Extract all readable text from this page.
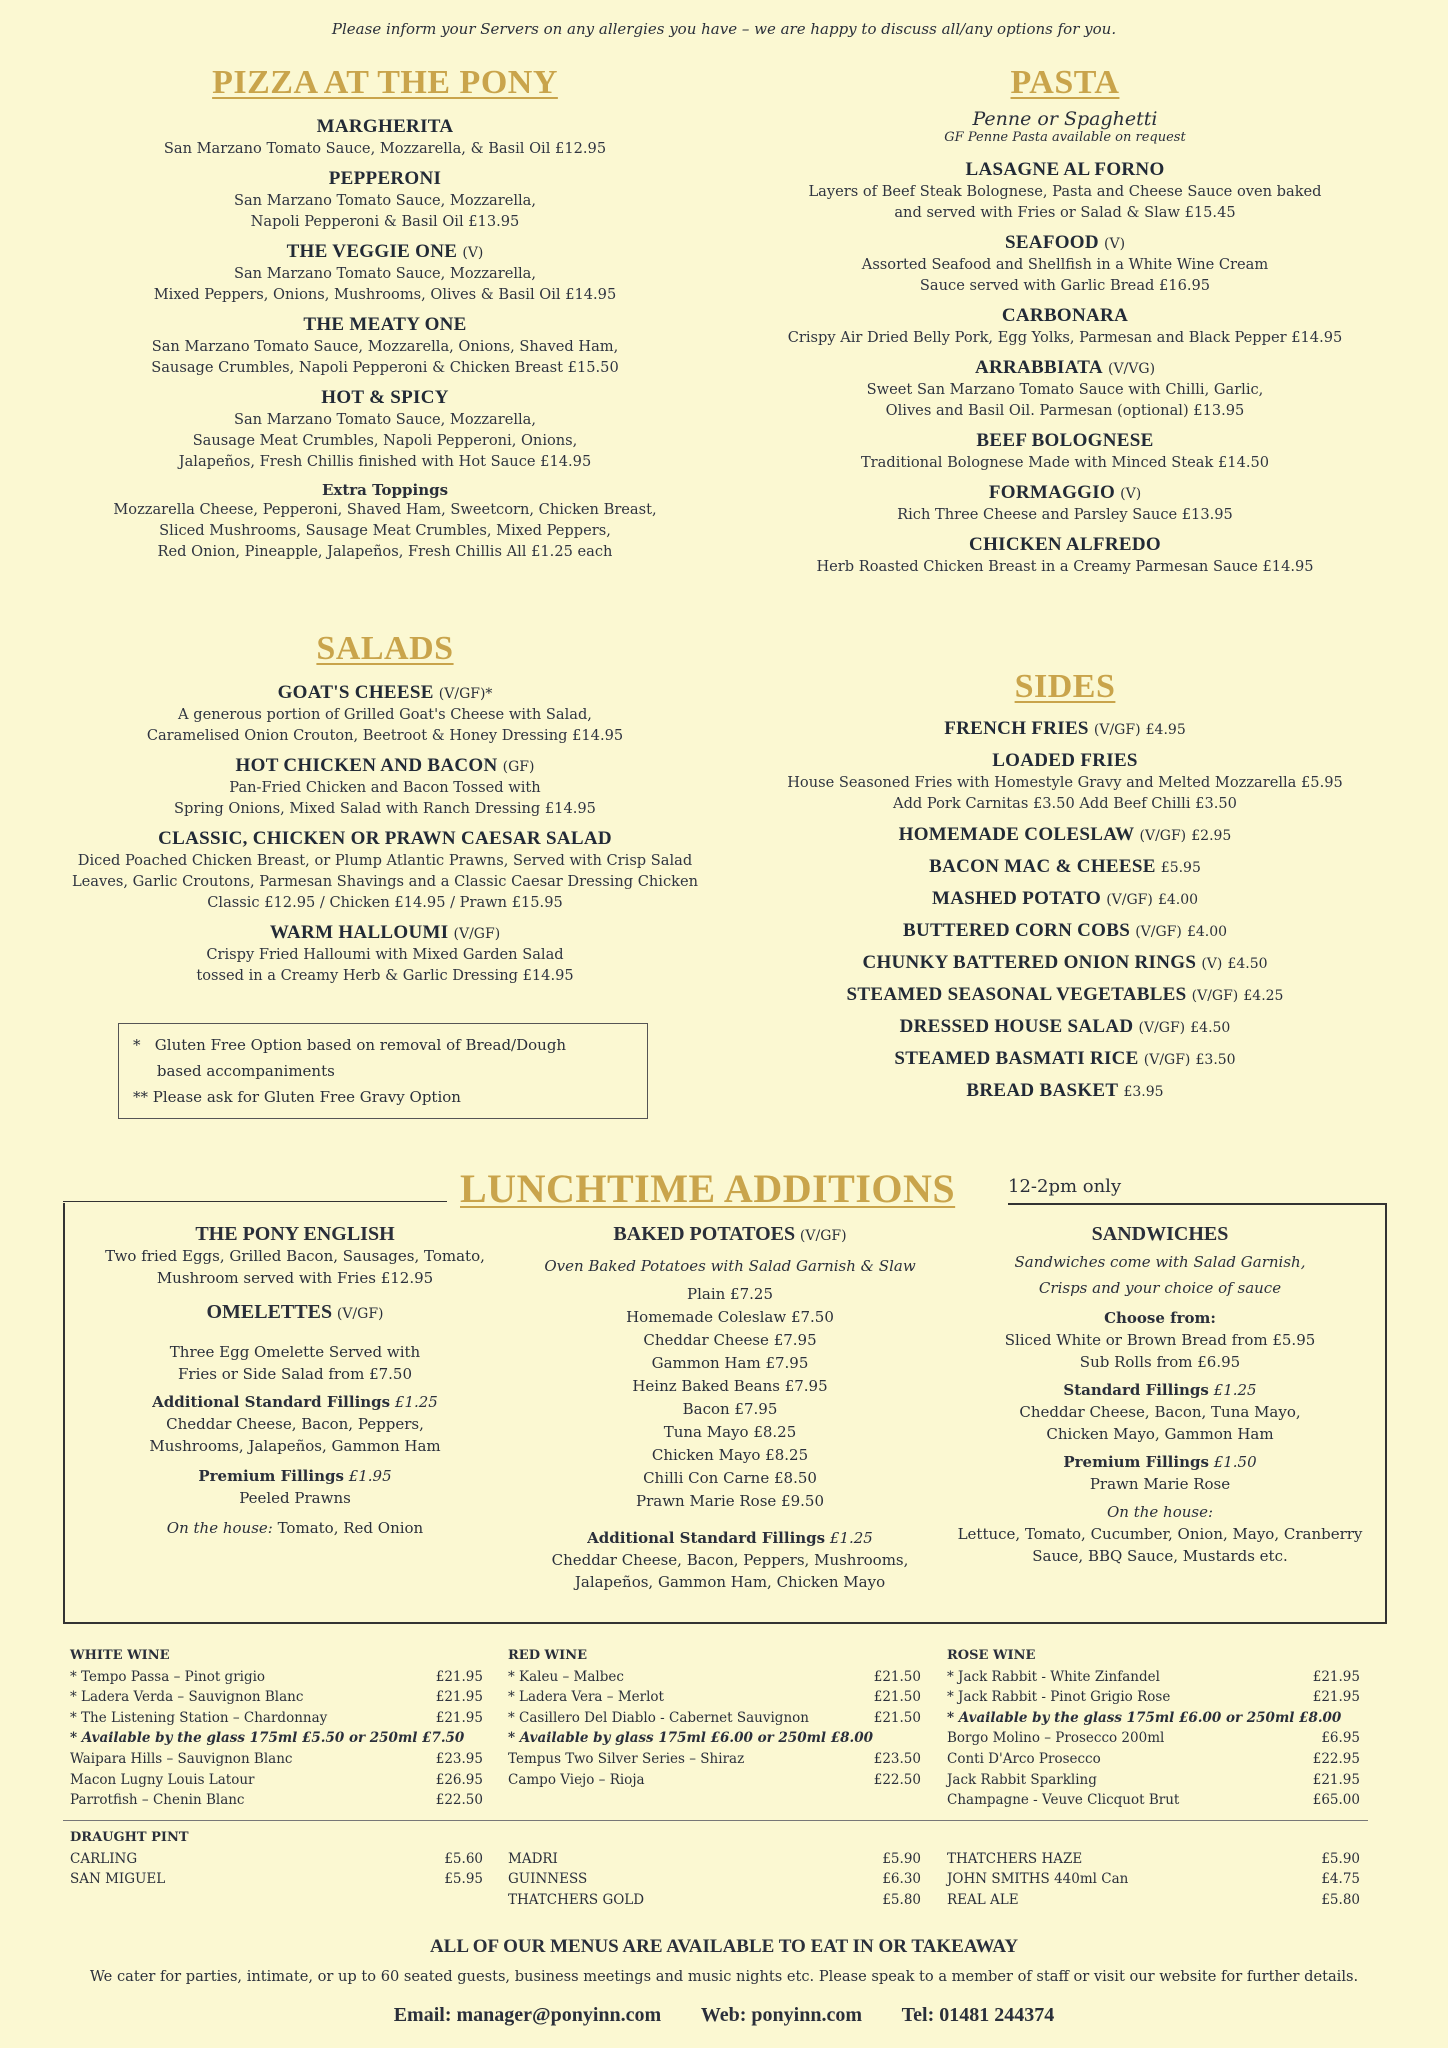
Please inform your Servers on any allergies you have – we are happy to discuss all/any options for you.
PIZZA AT THE PONY
MARGHERITA
San Marzano Tomato Sauce, Mozzarella, & Basil Oil £12.95
PEPPERONI
San Marzano Tomato Sauce, Mozzarella,
Napoli Pepperoni & Basil Oil £13.95
THE VEGGIE ONE (V)
San Marzano Tomato Sauce, Mozzarella,
Mixed Peppers, Onions, Mushrooms, Olives & Basil Oil £14.95
THE MEATY ONE
San Marzano Tomato Sauce, Mozzarella, Onions, Shaved Ham,
Sausage Crumbles, Napoli Pepperoni & Chicken Breast £15.50
HOT & SPICY
San Marzano Tomato Sauce, Mozzarella,
Sausage Meat Crumbles, Napoli Pepperoni, Onions,
Jalapeños, Fresh Chillis finished with Hot Sauce £14.95
Extra Toppings
Mozzarella Cheese, Pepperoni, Shaved Ham, Sweetcorn, Chicken Breast,
Sliced Mushrooms, Sausage Meat Crumbles, Mixed Peppers,
Red Onion, Pineapple, Jalapeños, Fresh Chillis All £1.25 each
SALADS
GOAT'S CHEESE (V/GF)*
A generous portion of Grilled Goat's Cheese with Salad,
Caramelised Onion Crouton, Beetroot & Honey Dressing £14.95
HOT CHICKEN AND BACON (GF)
Pan-Fried Chicken and Bacon Tossed with
Spring Onions, Mixed Salad with Ranch Dressing £14.95
CLASSIC, CHICKEN OR PRAWN CAESAR SALAD
Diced Poached Chicken Breast, or Plump Atlantic Prawns, Served with Crisp Salad
Leaves, Garlic Croutons, Parmesan Shavings and a Classic Caesar Dressing Chicken
Classic £12.95 / Chicken £14.95 / Prawn £15.95
WARM HALLOUMI (V/GF)
Crispy Fried Halloumi with Mixed Garden Salad
tossed in a Creamy Herb & Garlic Dressing £14.95
*   Gluten Free Option based on removal of Bread/Dough
based accompaniments
** Please ask for Gluten Free Gravy Option
PASTA
Penne or Spaghetti
GF Penne Pasta available on request
LASAGNE AL FORNO
Layers of Beef Steak Bolognese, Pasta and Cheese Sauce oven baked
and served with Fries or Salad & Slaw £15.45
SEAFOOD (V)
Assorted Seafood and Shellfish in a White Wine Cream
Sauce served with Garlic Bread £16.95
CARBONARA
Crispy Air Dried Belly Pork, Egg Yolks, Parmesan and Black Pepper £14.95
ARRABBIATA (V/VG)
Sweet San Marzano Tomato Sauce with Chilli, Garlic,
Olives and Basil Oil. Parmesan (optional) £13.95
BEEF BOLOGNESE
Traditional Bolognese Made with Minced Steak £14.50
FORMAGGIO (V)
Rich Three Cheese and Parsley Sauce £13.95
CHICKEN ALFREDO
Herb Roasted Chicken Breast in a Creamy Parmesan Sauce £14.95
SIDES
FRENCH FRIES (V/GF) £4.95
LOADED FRIES
House Seasoned Fries with Homestyle Gravy and Melted Mozzarella £5.95
Add Pork Carnitas £3.50 Add Beef Chilli £3.50
HOMEMADE COLESLAW (V/GF) £2.95
BACON MAC & CHEESE £5.95
MASHED POTATO (V/GF) £4.00
BUTTERED CORN COBS (V/GF) £4.00
CHUNKY BATTERED ONION RINGS (V) £4.50
STEAMED SEASONAL VEGETABLES (V/GF) £4.25
DRESSED HOUSE SALAD (V/GF) £4.50
STEAMED BASMATI RICE (V/GF) £3.50
BREAD BASKET £3.95
LUNCHTIME ADDITIONS	12-2pm only
THE PONY ENGLISH
Two fried Eggs, Grilled Bacon, Sausages, Tomato,
Mushroom served with Fries £12.95
OMELETTES (V/GF)
Three Egg Omelette Served with
Fries or Side Salad from £7.50
Additional Standard Fillings £1.25
Cheddar Cheese, Bacon, Peppers,
Mushrooms, Jalapeños, Gammon Ham
Premium Fillings £1.95
Peeled Prawns
On the house: Tomato, Red Onion
BAKED POTATOES (V/GF)
Oven Baked Potatoes with Salad Garnish & Slaw
Plain £7.25
Homemade Coleslaw £7.50
Cheddar Cheese £7.95
Gammon Ham £7.95
Heinz Baked Beans £7.95
Bacon £7.95
Tuna Mayo £8.25
Chicken Mayo £8.25
Chilli Con Carne £8.50
Prawn Marie Rose £9.50
Additional Standard Fillings £1.25
Cheddar Cheese, Bacon, Peppers, Mushrooms,
Jalapeños, Gammon Ham, Chicken Mayo
SANDWICHES
Sandwiches come with Salad Garnish,
Crisps and your choice of sauce
Choose from:
Sliced White or Brown Bread from £5.95
Sub Rolls from £6.95
Standard Fillings £1.25
Cheddar Cheese, Bacon, Tuna Mayo,
Chicken Mayo, Gammon Ham
Premium Fillings £1.50
Prawn Marie Rose
On the house:
Lettuce, Tomato, Cucumber, Onion, Mayo, Cranberry
Sauce, BBQ Sauce, Mustards etc.
WHITE WINE
* Tempo Passa – Pinot grigio	£21.95
* Ladera Verda – Sauvignon Blanc	£21.95
* The Listening Station – Chardonnay	£21.95
* Available by the glass 175ml £5.50 or 250ml £7.50
Waipara Hills – Sauvignon Blanc	£23.95
Macon Lugny Louis Latour	£26.95
Parrotfish – Chenin Blanc	£22.50
RED WINE
* Kaleu – Malbec	£21.50
* Ladera Vera – Merlot	£21.50
* Casillero Del Diablo - Cabernet Sauvignon	£21.50
* Available by glass 175ml £6.00 or 250ml £8.00
Tempus Two Silver Series – Shiraz	£23.50
Campo Viejo – Rioja	£22.50
ROSE WINE
* Jack Rabbit - White Zinfandel	£21.95
* Jack Rabbit - Pinot Grigio Rose	£21.95
* Available by the glass 175ml £6.00 or 250ml £8.00
Borgo Molino – Prosecco 200ml	£6.95
Conti D'Arco Prosecco	£22.95
Jack Rabbit Sparkling	£21.95
Champagne - Veuve Clicquot Brut	£65.00
DRAUGHT PINT
CARLING	£5.60
SAN MIGUEL	£5.95
MADRI	£5.90
GUINNESS	£6.30
THATCHERS GOLD	£5.80
THATCHERS HAZE	£5.90
JOHN SMITHS 440ml Can	£4.75
REAL ALE	£5.80
ALL OF OUR MENUS ARE AVAILABLE TO EAT IN OR TAKEAWAY
We cater for parties, intimate, or up to 60 seated guests, business meetings and music nights etc. Please speak to a member of staff or visit our website for further details.
Email: manager@ponyinn.com Web: ponyinn.com Tel: 01481 244374
